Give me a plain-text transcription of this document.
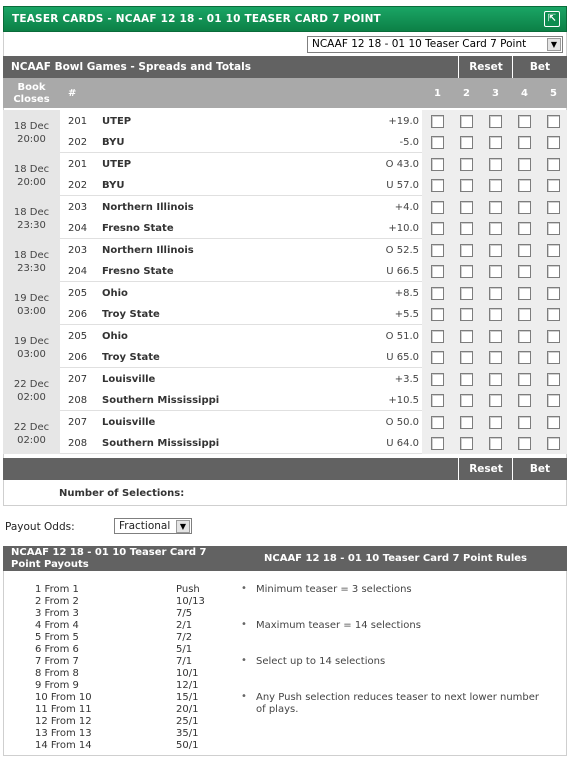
TEASER CARDS - NCAAF 12 18 - 01 10 TEASER CARD 7 POINT	⇱
NCAAF 12 18 - 01 10 Teaser Card 7 Point	▼
NCAAF Bowl Games - Spreads and Totals	Reset	Bet
Book
Closes
#	1 2 3 4 5
18 Dec
20:00
201 UTEP	+19.0
202 BYU	-5.0
18 Dec
20:00
201 UTEP	O 43.0
202 BYU	U 57.0
18 Dec
23:30
203 Northern Illinois	+4.0
204 Fresno State	+10.0
18 Dec
23:30
203 Northern Illinois	O 52.5
204 Fresno State	U 66.5
19 Dec
03:00
205 Ohio	+8.5
206 Troy State	+5.5
19 Dec
03:00
205 Ohio	O 51.0
206 Troy State	U 65.0
22 Dec
02:00
207 Louisville	+3.5
208 Southern Mississippi	+10.5
22 Dec
02:00
207 Louisville	O 50.0
208 Southern Mississippi	U 64.0
Reset	Bet
Number of Selections:
Payout Odds:	Fractional	▼
NCAAF 12 18 - 01 10 Teaser Card 7 Point Payouts
NCAAF 12 18 - 01 10 Teaser Card 7 Point Rules
1 From 1	Push
2 From 2	10/13
3 From 3	7/5
4 From 4	2/1
5 From 5	7/2
6 From 6	5/1
7 From 7	7/1
8 From 8	10/1
9 From 9	12/1
10 From 10	15/1
11 From 11	20/1
12 From 12	25/1
13 From 13	35/1
14 From 14	50/1
• Minimum teaser = 3 selections
• Maximum teaser = 14 selections
• Select up to 14 selections
• Any Push selection reduces teaser to next lower number of plays.
